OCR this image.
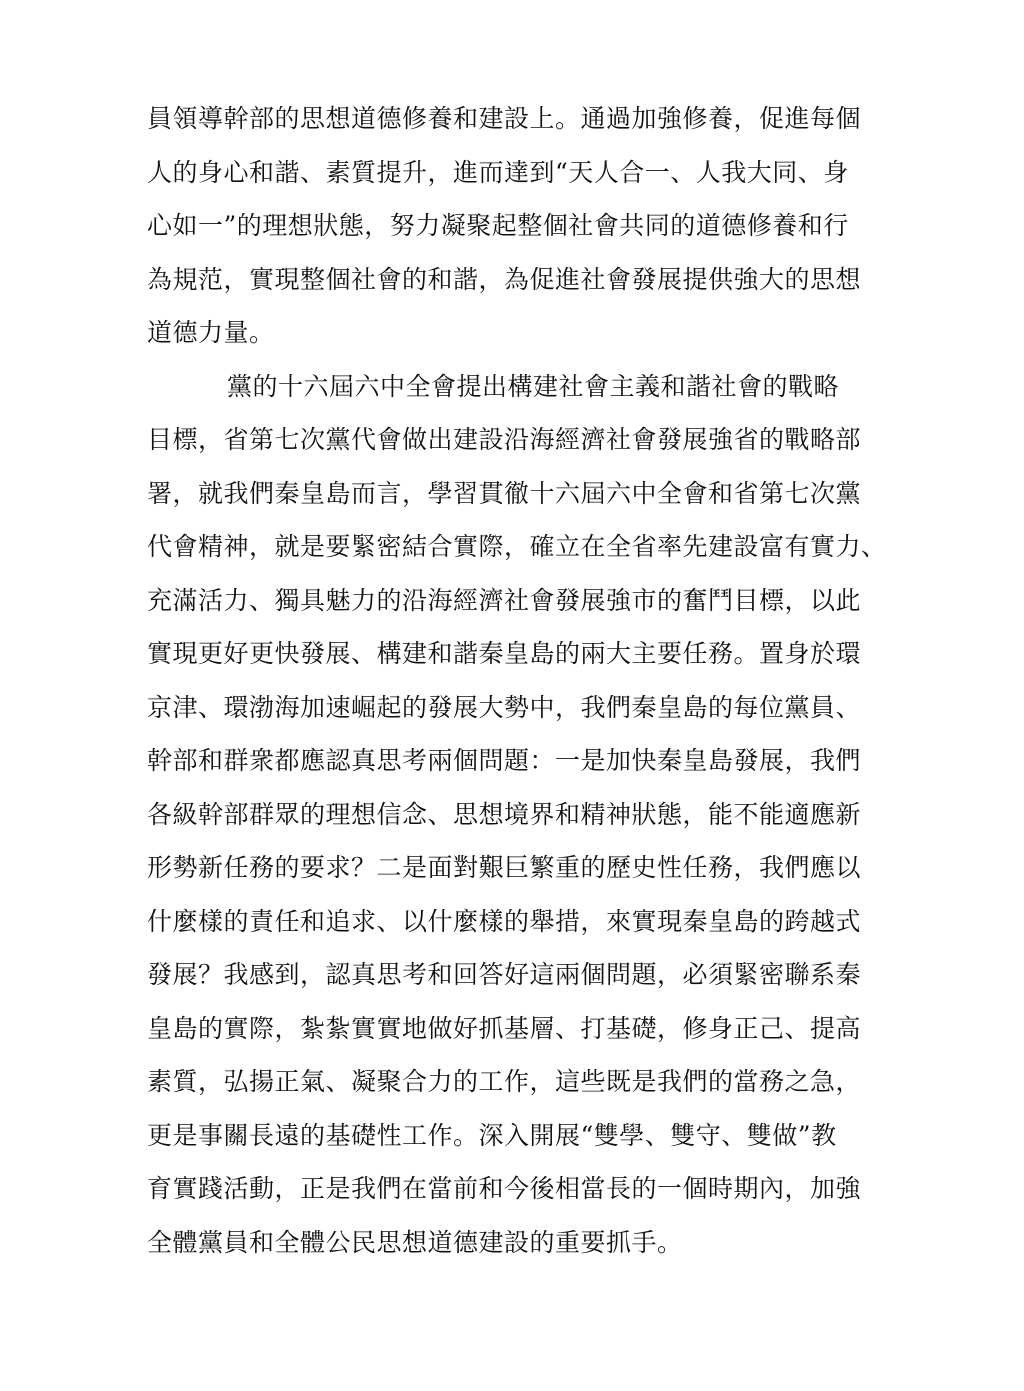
員領導幹部的思想道德修養和建設上。通過加強修養，促進每個
人的身心和諧、素質提升，進而達到“天人合一、人我大同、身
心如一”的理想狀態，努力凝聚起整個社會共同的道德修養和行
為規范，實現整個社會的和諧，為促進社會發展提供強大的思想
道德力量。
黨的十六屆六中全會提出構建社會主義和諧社會的戰略
目標，省第七次黨代會做出建設沿海經濟社會發展強省的戰略部
署，就我們秦皇島而言，學習貫徹十六屆六中全會和省第七次黨
代會精神，就是要緊密結合實際，確立在全省率先建設富有實力、
充滿活力、獨具魅力的沿海經濟社會發展強市的奮鬥目標，以此
實現更好更快發展、構建和諧秦皇島的兩大主要任務。置身於環
京津、環渤海加速崛起的發展大勢中，我們秦皇島的每位黨員、
幹部和群衆都應認真思考兩個問題：一是加快秦皇島發展，我們
各級幹部群眾的理想信念、思想境界和精神狀態，能不能適應新
形勢新任務的要求？二是面對艱巨繁重的歷史性任務，我們應以
什麼樣的責任和追求、以什麼樣的舉措，來實現秦皇島的跨越式
發展？我感到，認真思考和回答好這兩個問題，必須緊密聯系秦
皇島的實際，紮紮實實地做好抓基層、打基礎，修身正己、提高
素質，弘揚正氣、凝聚合力的工作，這些既是我們的當務之急，
更是事關長遠的基礎性工作。深入開展“雙學、雙守、雙做”教
育實踐活動，正是我們在當前和今後相當長的一個時期內，加強
全體黨員和全體公民思想道德建設的重要抓手。
